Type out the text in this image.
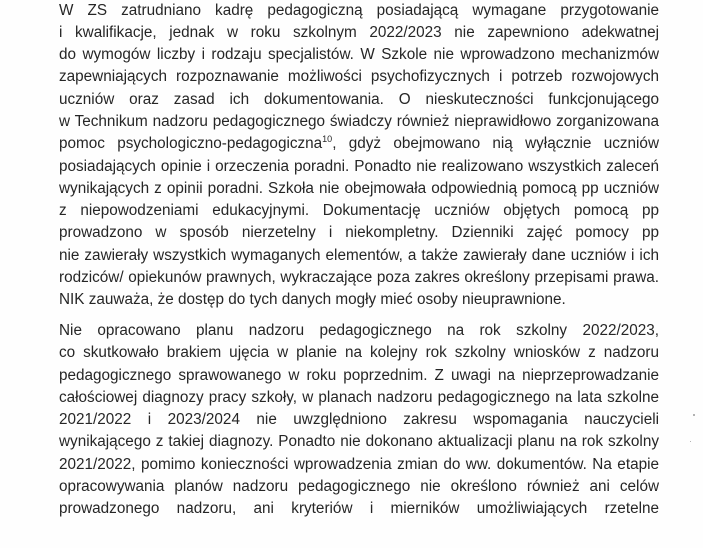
W ZS zatrudniano kadrę pedagogiczną posiadającą wymagane przygotowanie
i kwalifikacje, jednak w roku szkolnym 2022/2023 nie zapewniono adekwatnej
do wymogów liczby i rodzaju specjalistów. W Szkole nie wprowadzono mechanizmów
zapewniających rozpoznawanie możliwości psychofizycznych i potrzeb rozwojowych
uczniów oraz zasad ich dokumentowania. O nieskuteczności funkcjonującego
w Technikum nadzoru pedagogicznego świadczy również nieprawidłowo zorganizowana
pomoc psychologiczno-pedagogiczna$^{10}$, gdyż obejmowano nią wyłącznie uczniów
posiadających opinie i orzeczenia poradni. Ponadto nie realizowano wszystkich zaleceń
wynikających z opinii poradni. Szkoła nie obejmowała odpowiednią pomocą pp uczniów
z niepowodzeniami edukacyjnymi. Dokumentację uczniów objętych pomocą pp
prowadzono w sposób nierzetelny i niekompletny. Dzienniki zajęć pomocy pp
nie zawierały wszystkich wymaganych elementów, a także zawierały dane uczniów i ich
rodziców/ opiekunów prawnych, wykraczające poza zakres określony przepisami prawa.
NIK zauważa, że dostęp do tych danych mogły mieć osoby nieuprawnione.
Nie opracowano planu nadzoru pedagogicznego na rok szkolny 2022/2023,
co skutkowało brakiem ujęcia w planie na kolejny rok szkolny wniosków z nadzoru
pedagogicznego sprawowanego w roku poprzednim. Z uwagi na nieprzeprowadzanie
całościowej diagnozy pracy szkoły, w planach nadzoru pedagogicznego na lata szkolne
2021/2022 i 2023/2024 nie uwzględniono zakresu wspomagania nauczycieli
wynikającego z takiej diagnozy. Ponadto nie dokonano aktualizacji planu na rok szkolny
2021/2022, pomimo konieczności wprowadzenia zmian do ww. dokumentów. Na etapie
opracowywania planów nadzoru pedagogicznego nie określono również ani celów
prowadzonego nadzoru, ani kryteriów i mierników umożliwiających rzetelne
